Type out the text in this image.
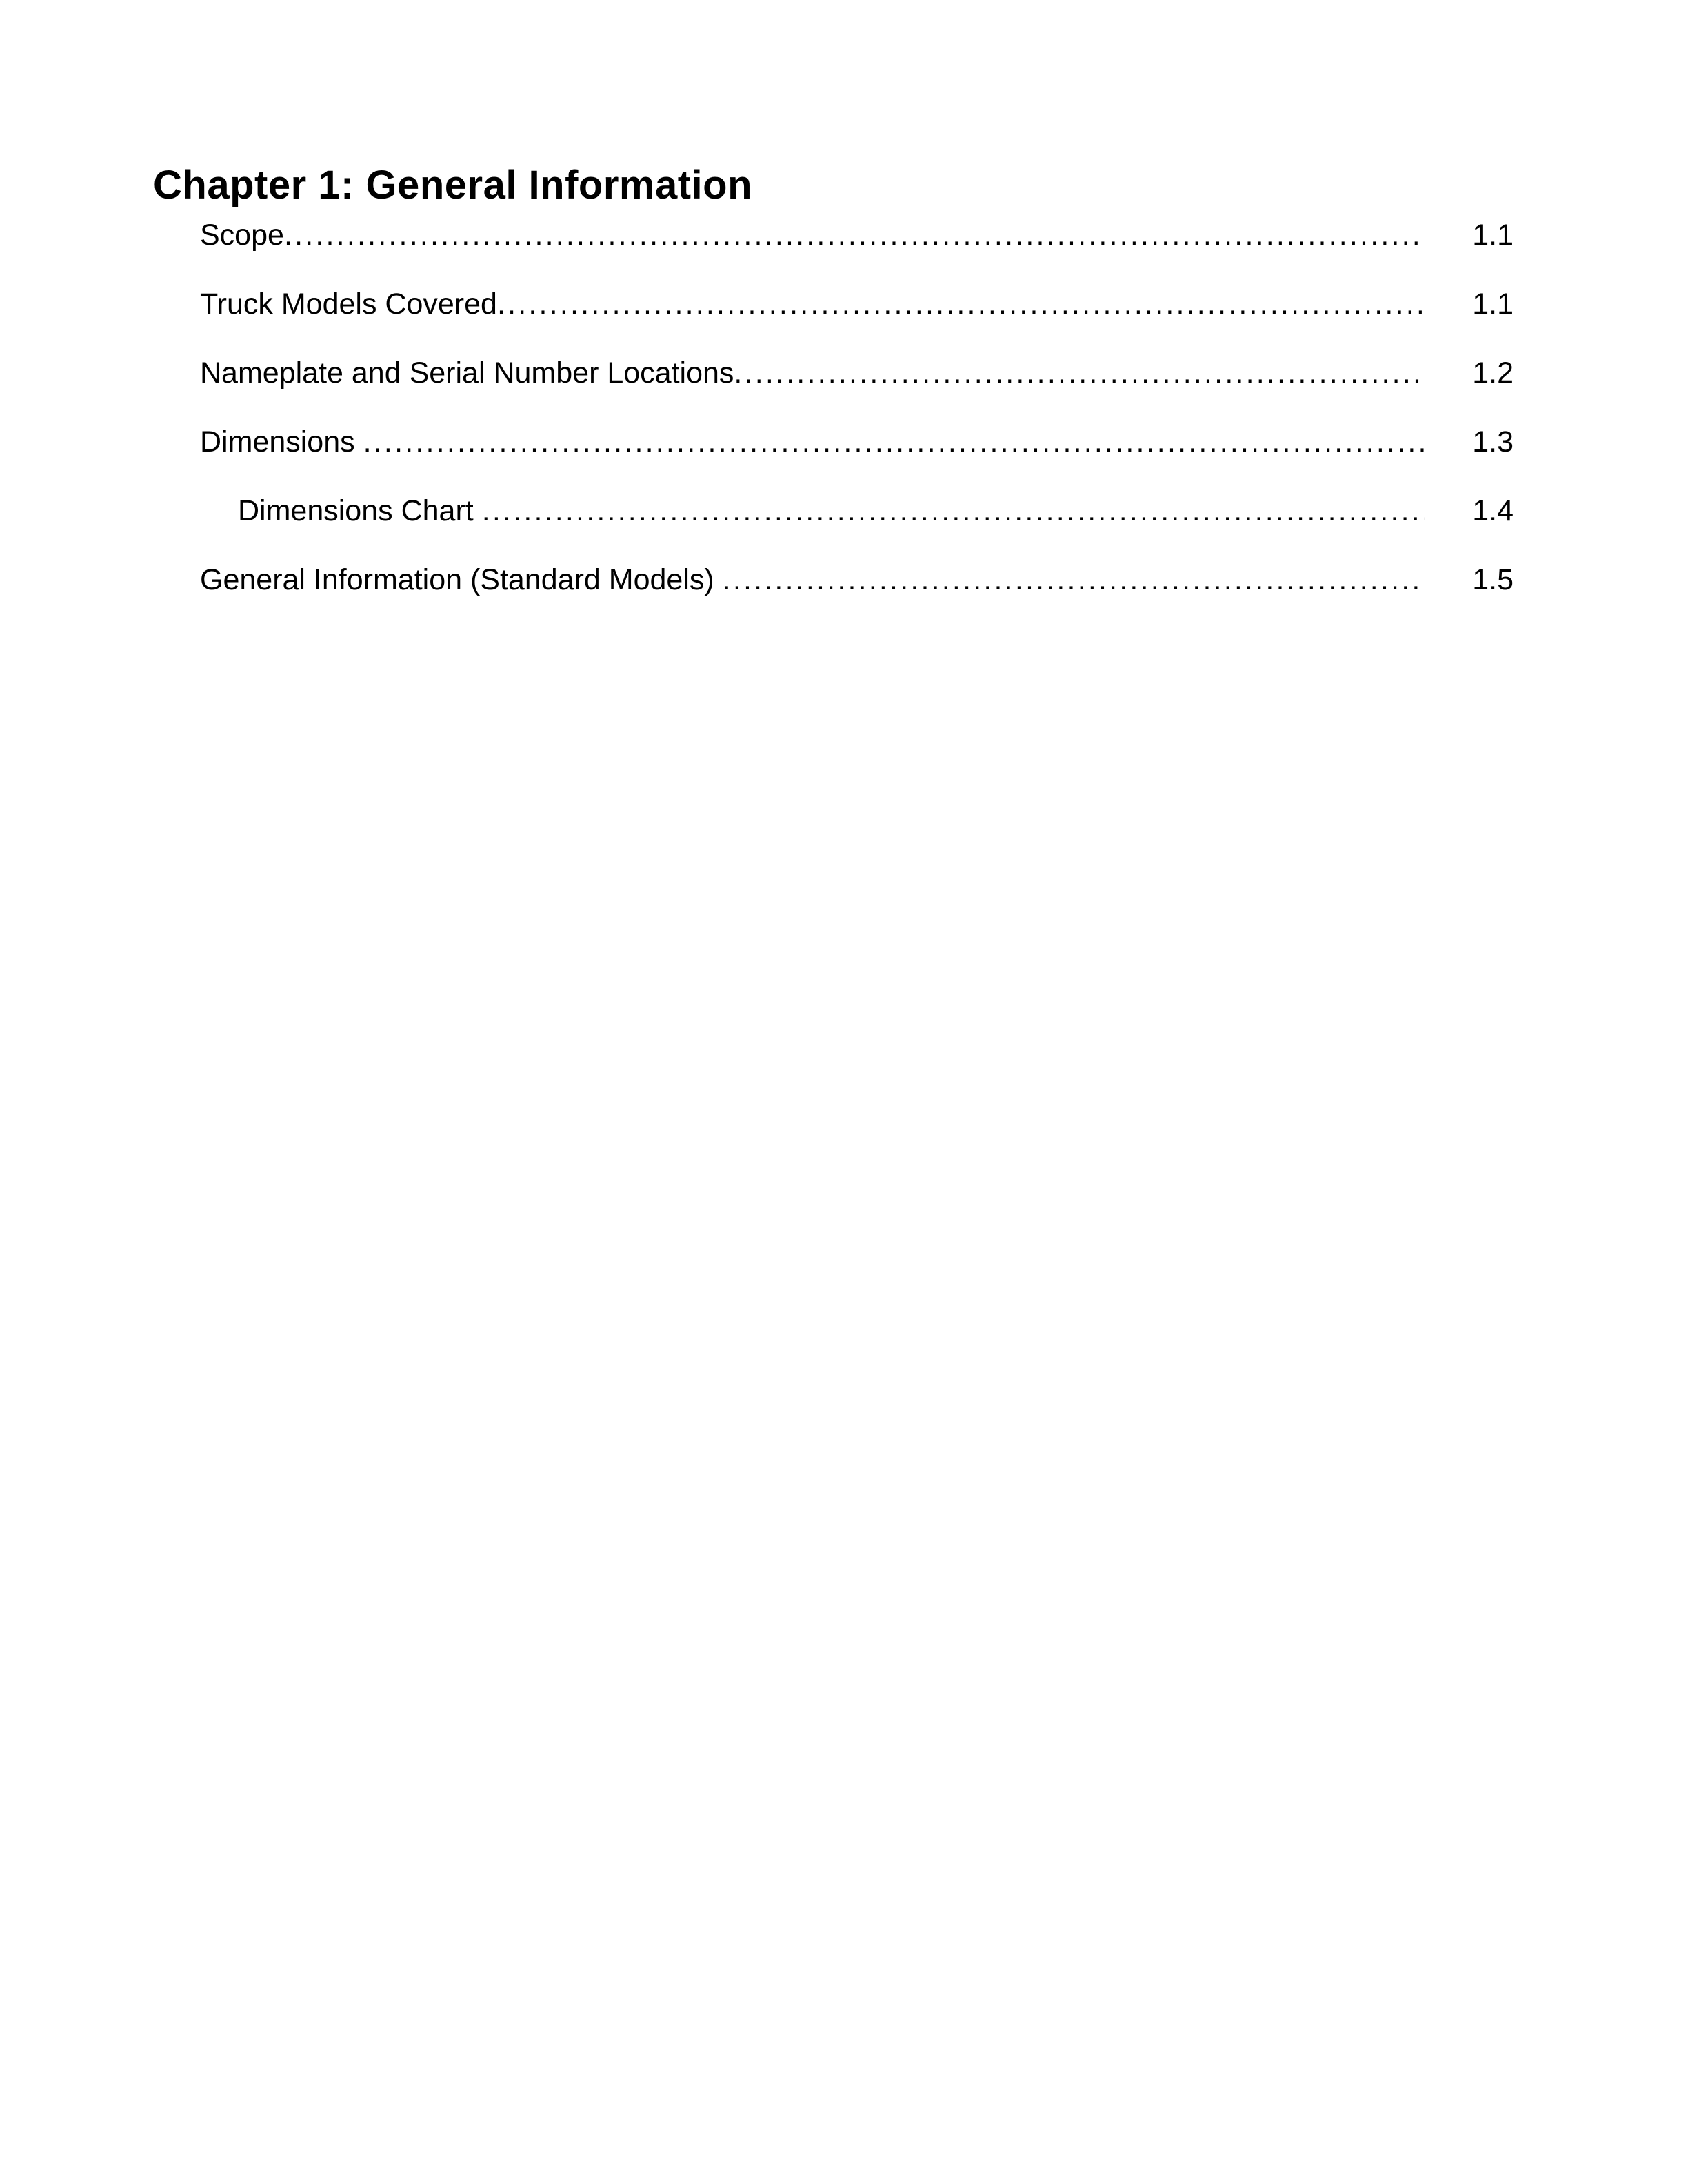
Chapter 1: General Information
Scope .....	1.1
Truck Models Covered .....	1.1
Nameplate and Serial Number Locations .....	1.2
Dimensions .....	1.3
Dimensions Chart .....	1.4
General Information (Standard Models) .....	1.5
